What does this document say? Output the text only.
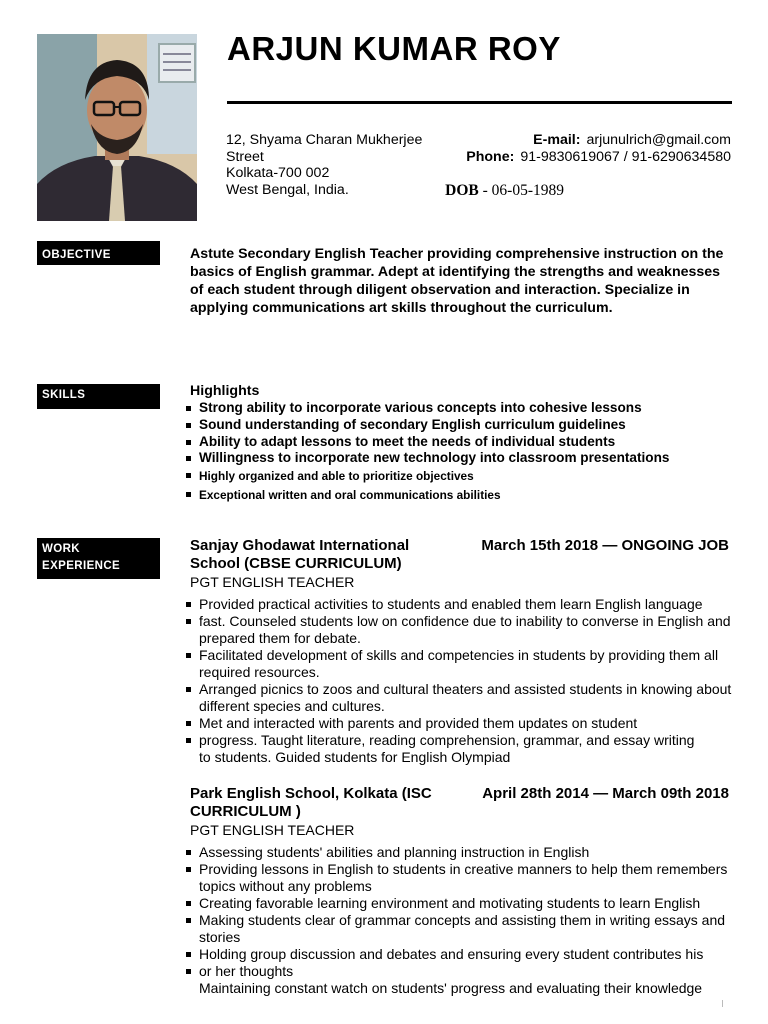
ARJUN KUMAR ROY
12, Shyama Charan Mukherjee
Street
Kolkata-700 002
West Bengal, India.
E-mail: arjunulrich@gmail.com
Phone: 91-9830619067 / 91-6290634580
DOB - 06-05-1989
OBJECTIVE	Astute Secondary English Teacher providing comprehensive instruction on the basics of English grammar. Adept at identifying the strengths and weaknesses of each student through diligent observation and interaction. Specialize in applying communications art skills throughout the curriculum.
SKILLS	Highlights
Strong ability to incorporate various concepts into cohesive lessons
Sound understanding of secondary English curriculum guidelines
Ability to adapt lessons to meet the needs of individual students
Willingness to incorporate new technology into classroom presentations
Highly organized and able to prioritize objectives
Exceptional written and oral communications abilities
WORK
EXPERIENCE
Sanjay Ghodawat International School (CBSE CURRICULUM)
March 15th 2018 — ONGOING JOB
PGT ENGLISH TEACHER
Provided practical activities to students and enabled them learn English language
fast. Counseled students low on confidence due to inability to converse in English and prepared them for debate.
Facilitated development of skills and competencies in students by providing them all required resources.
Arranged picnics to zoos and cultural theaters and assisted students in knowing about different species and cultures.
Met and interacted with parents and provided them updates on student
progress. Taught literature, reading comprehension, grammar, and essay writing
to students. Guided students for English Olympiad
Park English School, Kolkata (ISC CURRICULUM )
April 28th 2014 — March 09th 2018
PGT ENGLISH TEACHER
Assessing students' abilities and planning instruction in English
Providing lessons in English to students in creative manners to help them remembers topics without any problems
Creating favorable learning environment and motivating students to learn English
Making students clear of grammar concepts and assisting them in writing essays and stories
Holding group discussion and debates and ensuring every student contributes his
or her thoughts
Maintaining constant watch on students' progress and evaluating their knowledge
